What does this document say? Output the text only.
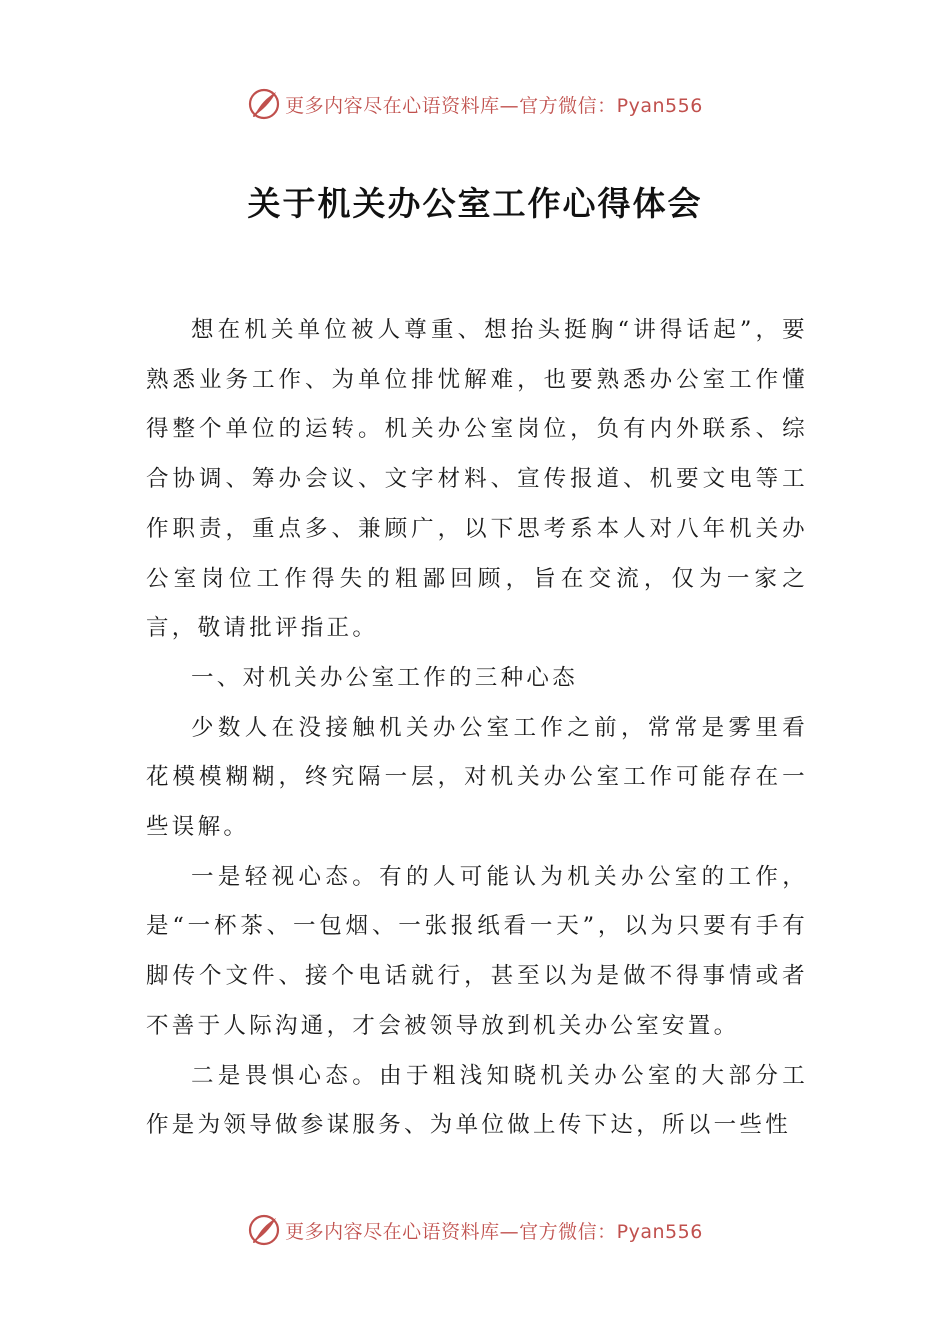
更多内容尽在心语资料库—官方微信：Pyan556
关于机关办公室工作心得体会

想在机关单位被人尊重、想抬头挺胸“讲得话起”，要熟悉业务工作、为单位排忧解难，也要熟悉办公室工作懂得整个单位的运转。机关办公室岗位，负有内外联系、综合协调、筹办会议、文字材料、宣传报道、机要文电等工作职责，重点多、兼顾广，以下思考系本人对八年机关办公室岗位工作得失的粗鄙回顾，旨在交流，仅为一家之言，敬请批评指正。

一、对机关办公室工作的三种心态

少数人在没接触机关办公室工作之前，常常是雾里看花模模糊糊，终究隔一层，对机关办公室工作可能存在一些误解。

一是轻视心态。有的人可能认为机关办公室的工作，是“一杯茶、一包烟、一张报纸看一天”，以为只要有手有脚传个文件、接个电话就行，甚至以为是做不得事情或者不善于人际沟通，才会被领导放到机关办公室安置。

二是畏惧心态。由于粗浅知晓机关办公室的大部分工作是为领导做参谋服务、为单位做上传下达，所以一些性

更多内容尽在心语资料库—官方微信：Pyan556
